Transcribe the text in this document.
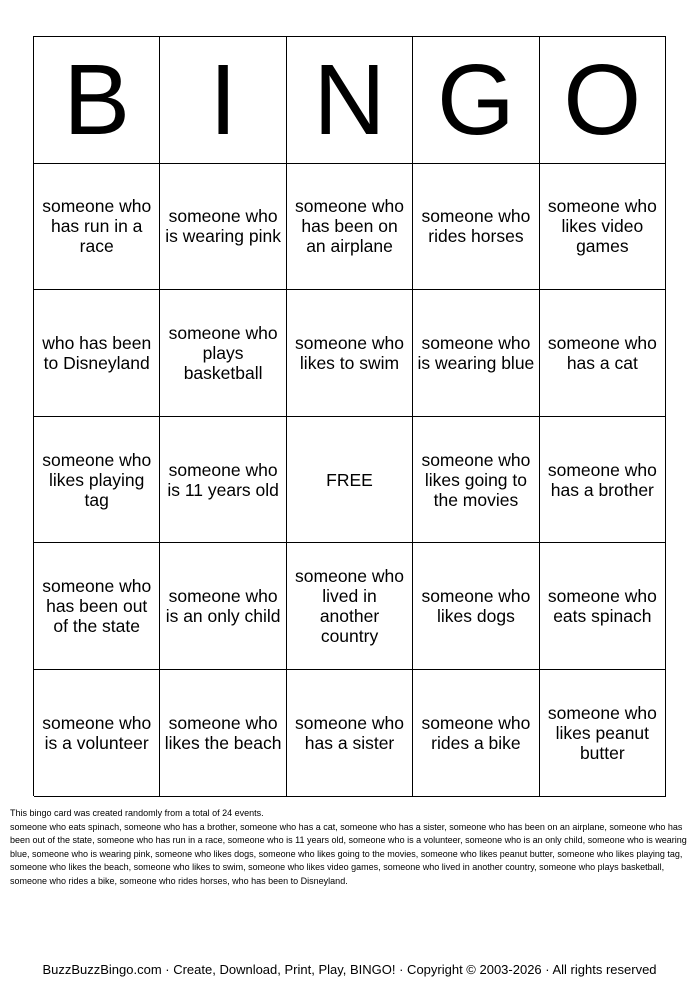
B I N G O
someone who has run in a race
someone who is wearing pink
someone who has been on an airplane
someone who rides horses
someone who likes video games
who has been to Disneyland
someone who plays basketball
someone who likes to swim
someone who is wearing blue
someone who has a cat
someone who likes playing tag
someone who is 11 years old	FREE
someone who likes going to the movies
someone who has a brother
someone who has been out of the state
someone who is an only child
someone who lived in another country
someone who likes dogs
someone who eats spinach
someone who is a volunteer
someone who likes the beach
someone who has a sister
someone who rides a bike
someone who likes peanut butter

This bingo card was created randomly from a total of 24 events.

someone who eats spinach, someone who has a brother, someone who has a cat, someone who has a sister, someone who has been on an airplane, someone who has been out of the state, someone who has run in a race, someone who is 11 years old, someone who is a volunteer, someone who is an only child, someone who is wearing blue, someone who is wearing pink, someone who likes dogs, someone who likes going to the movies, someone who likes peanut butter, someone who likes playing tag, someone who likes the beach, someone who likes to swim, someone who likes video games, someone who lived in another country, someone who plays basketball, someone who rides a bike, someone who rides horses, who has been to Disneyland.

BuzzBuzzBingo.com · Create, Download, Print, Play, BINGO! · Copyright © 2003-2026 · All rights reserved
